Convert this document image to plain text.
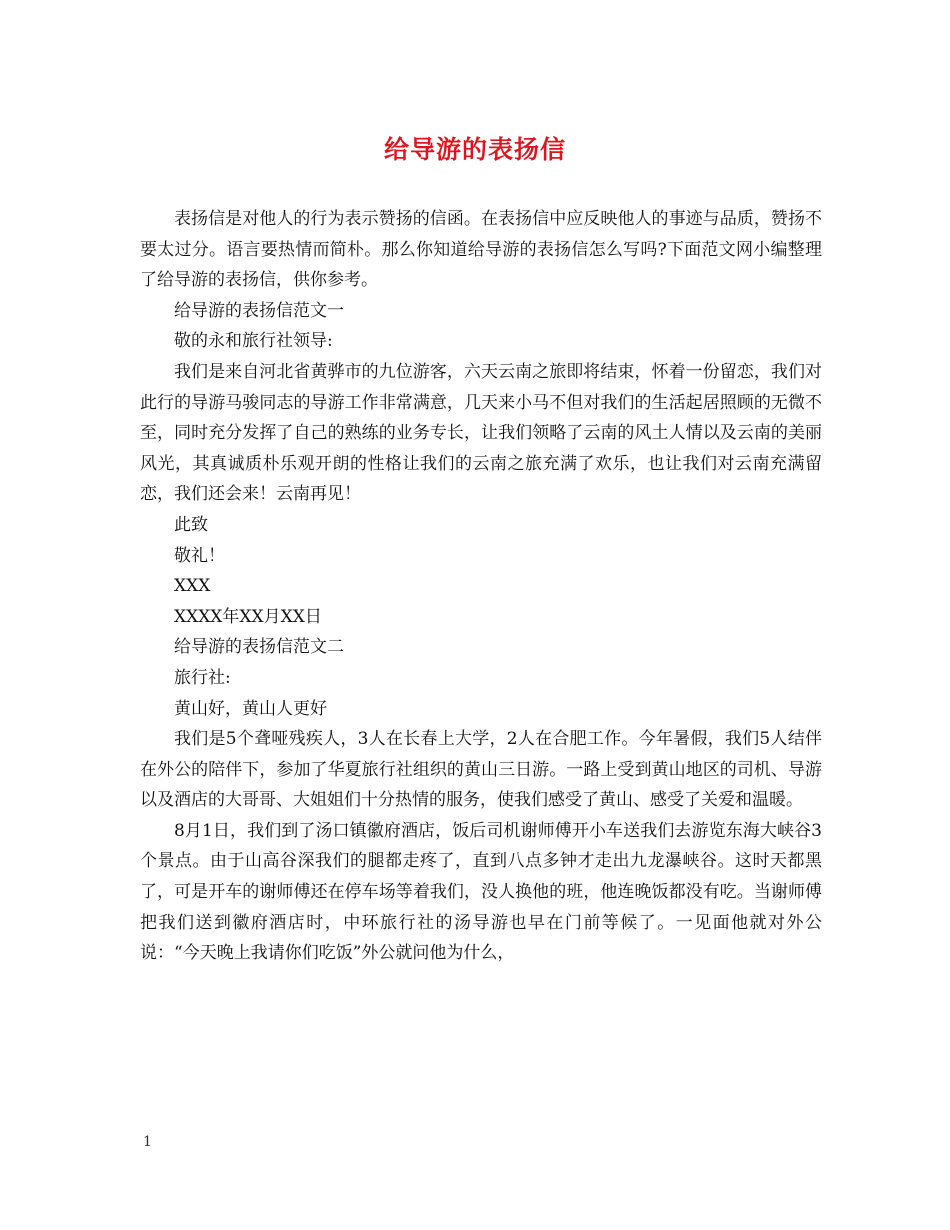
给导游的表扬信

表扬信是对他人的行为表示赞扬的信函。在表扬信中应反映他人的事迹与品质，赞扬不要太过分。语言要热情而简朴。那么你知道给导游的表扬信怎么写吗?下面范文网小编整理了给导游的表扬信，供你参考。

给导游的表扬信范文一

敬的永和旅行社领导:

我们是来自河北省黄骅市的九位游客，六天云南之旅即将结束，怀着一份留恋，我们对此行的导游马骏同志的导游工作非常满意，几天来小马不但对我们的生活起居照顾的无微不至，同时充分发挥了自己的熟练的业务专长，让我们领略了云南的风土人情以及云南的美丽风光，其真诚质朴乐观开朗的性格让我们的云南之旅充满了欢乐，也让我们对云南充满留恋，我们还会来！云南再见！

此致

敬礼！

XXX

XXXX年XX月XX日

给导游的表扬信范文二

旅行社:

黄山好，黄山人更好

我们是5个聋哑残疾人，3人在长春上大学，2人在合肥工作。今年暑假，我们5人结伴在外公的陪伴下，参加了华夏旅行社组织的黄山三日游。一路上受到黄山地区的司机、导游以及酒店的大哥哥、大姐姐们十分热情的服务，使我们感受了黄山、感受了关爱和温暖。

8月1日，我们到了汤口镇徽府酒店，饭后司机谢师傅开小车送我们去游览东海大峡谷3个景点。由于山高谷深我们的腿都走疼了，直到八点多钟才走出九龙瀑峡谷。这时天都黑了，可是开车的谢师傅还在停车场等着我们，没人换他的班，他连晚饭都没有吃。当谢师傅把我们送到徽府酒店时，中环旅行社的汤导游也早在门前等候了。一见面他就对外公说：“今天晚上我请你们吃饭”外公就问他为什么，

1
